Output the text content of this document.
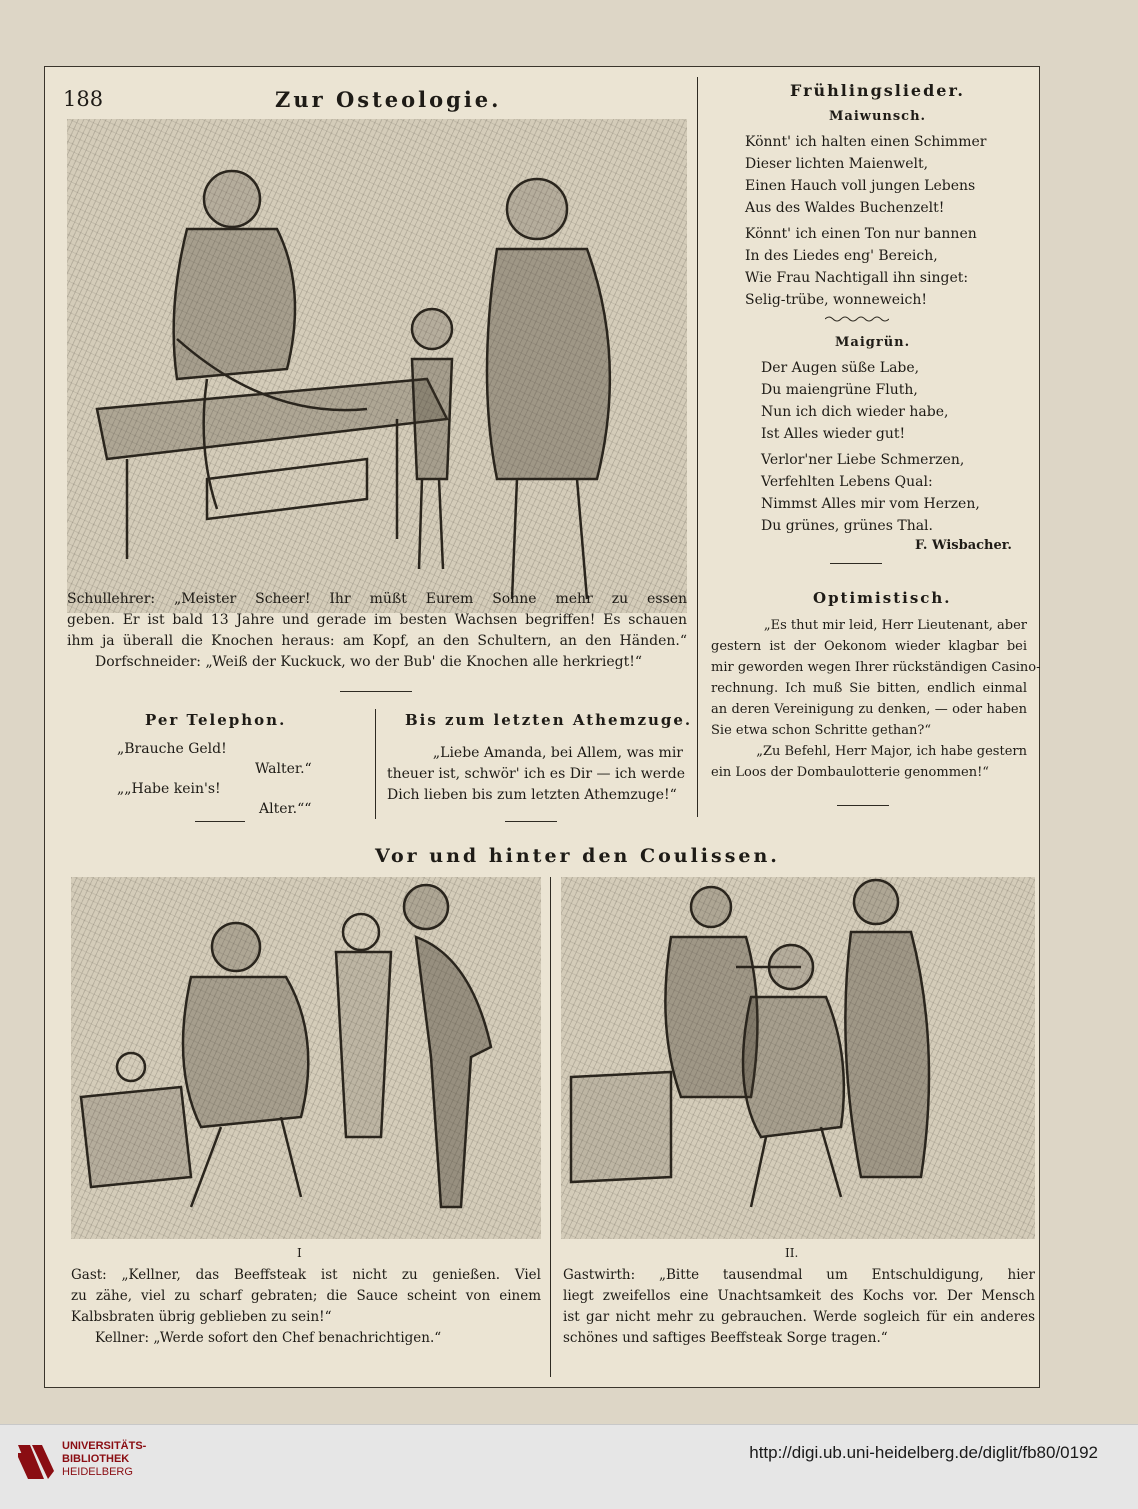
188	Zur Osteologie.
Schullehrer: „Meister Scheer! Ihr müßt Eurem Sohne mehr zu essen
geben. Er ist bald 13 Jahre und gerade im besten Wachsen begriffen! Es schauen
ihm ja überall die Knochen heraus: am Kopf, an den Schultern, an den Händen.“
Dorfschneider: „Weiß der Kuckuck, wo der Bub' die Knochen alle herkriegt!“
Per Telephon.
„Brauche Geld!
Walter.“
„„Habe kein's!
Alter.““
Bis zum letzten Athemzuge.
„Liebe Amanda, bei Allem, was mir
theuer ist, schwör' ich es Dir — ich werde
Dich lieben bis zum letzten Athemzuge!“
Frühlingslieder.
Maiwunsch.
Könnt' ich halten einen Schimmer
Dieser lichten Maienwelt,
Einen Hauch voll jungen Lebens
Aus des Waldes Buchenzelt!
Könnt' ich einen Ton nur bannen
In des Liedes eng' Bereich,
Wie Frau Nachtigall ihn singet:
Selig-trübe, wonneweich!
Maigrün.
Der Augen süße Labe,
Du maiengrüne Fluth,
Nun ich dich wieder habe,
Ist Alles wieder gut!
Verlor'ner Liebe Schmerzen,
Verfehlten Lebens Qual:
Nimmst Alles mir vom Herzen,
Du grünes, grünes Thal.
F. Wisbacher.
Optimistisch.
„Es thut mir leid, Herr Lieutenant, aber
gestern ist der Oekonom wieder klagbar bei
mir geworden wegen Ihrer rückständigen Casino-
rechnung. Ich muß Sie bitten, endlich einmal
an deren Vereinigung zu denken, — oder haben
Sie etwa schon Schritte gethan?“
„Zu Befehl, Herr Major, ich habe gestern
ein Loos der Dombaulotterie genommen!“
Vor und hinter den Coulissen.
I	II.
Gast: „Kellner, das Beeffsteak ist nicht zu genießen. Viel
zu zähe, viel zu scharf gebraten; die Sauce scheint von einem
Kalbsbraten übrig geblieben zu sein!“
Kellner: „Werde sofort den Chef benachrichtigen.“
Gastwirth: „Bitte tausendmal um Entschuldigung, hier
liegt zweifellos eine Unachtsamkeit des Kochs vor. Der Mensch
ist gar nicht mehr zu gebrauchen. Werde sogleich für ein anderes
schönes und saftiges Beeffsteak Sorge tragen.“
UNIVERSITÄTS-
BIBLIOTHEK
HEIDELBERG
http://digi.ub.uni-heidelberg.de/diglit/fb80/0192
